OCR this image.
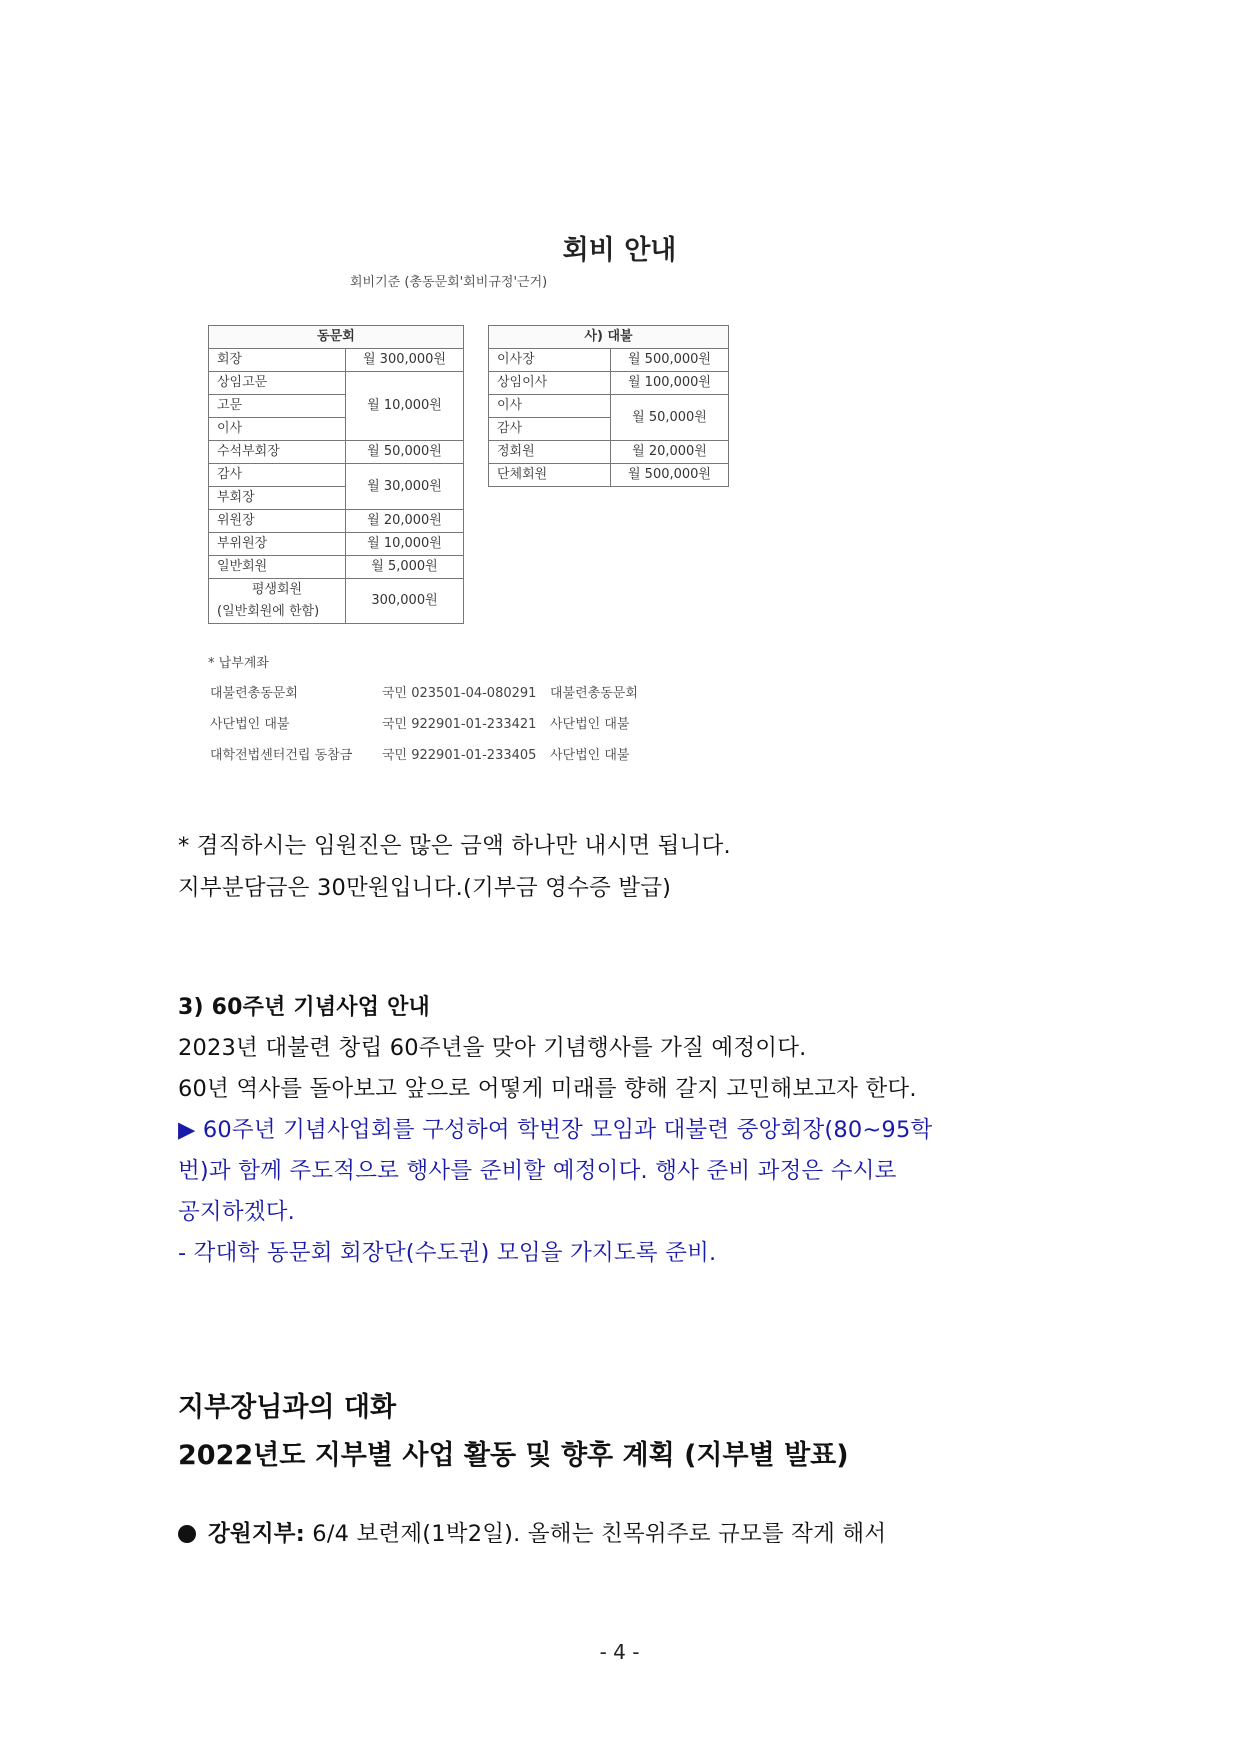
회비 안내
회비기준 (총동문회'회비규정'근거)
동문회	
회장	월 300,000원
상임고문	월 10,000원
고문	
이사	
수석부회장	월 50,000원
감사	월 30,000원
부회장	
위원장	월 20,000원
부위원장	월 10,000원
일반회원	월 5,000원

평생회원
(일반회원에 한함)	300,000원
사) 대불	
이사장	월 500,000원
상임이사	월 100,000원
이사	월 50,000원
감사	
정회원	월 20,000원
단체회원	월 500,000원
* 납부계좌
대불련총동문회	국민 023501-04-080291 대불련총동문회
사단법인 대불	국민 922901-01-233421 사단법인 대불
대학전법센터건립 동참금 국민 922901-01-233405 사단법인 대불
* 겸직하시는 임원진은 많은 금액 하나만 내시면 됩니다.
지부분담금은 30만원입니다.(기부금 영수증 발급)
3) 60주년 기념사업 안내
2023년 대불련 창립 60주년을 맞아 기념행사를 가질 예정이다.
60년 역사를 돌아보고 앞으로 어떻게 미래를 향해 갈지 고민해보고자 한다.
▶ 60주년 기념사업회를 구성하여 학번장 모임과 대불련 중앙회장(80~95학
번)과 함께 주도적으로 행사를 준비할 예정이다. 행사 준비 과정은 수시로
공지하겠다.
- 각대학 동문회 회장단(수도권) 모임을 가지도록 준비.
지부장님과의 대화
2022년도 지부별 사업 활동 및 향후 계획 (지부별 발표)
강원지부: 6/4 보련제(1박2일). 올해는 친목위주로 규모를 작게 해서
- 4 -
